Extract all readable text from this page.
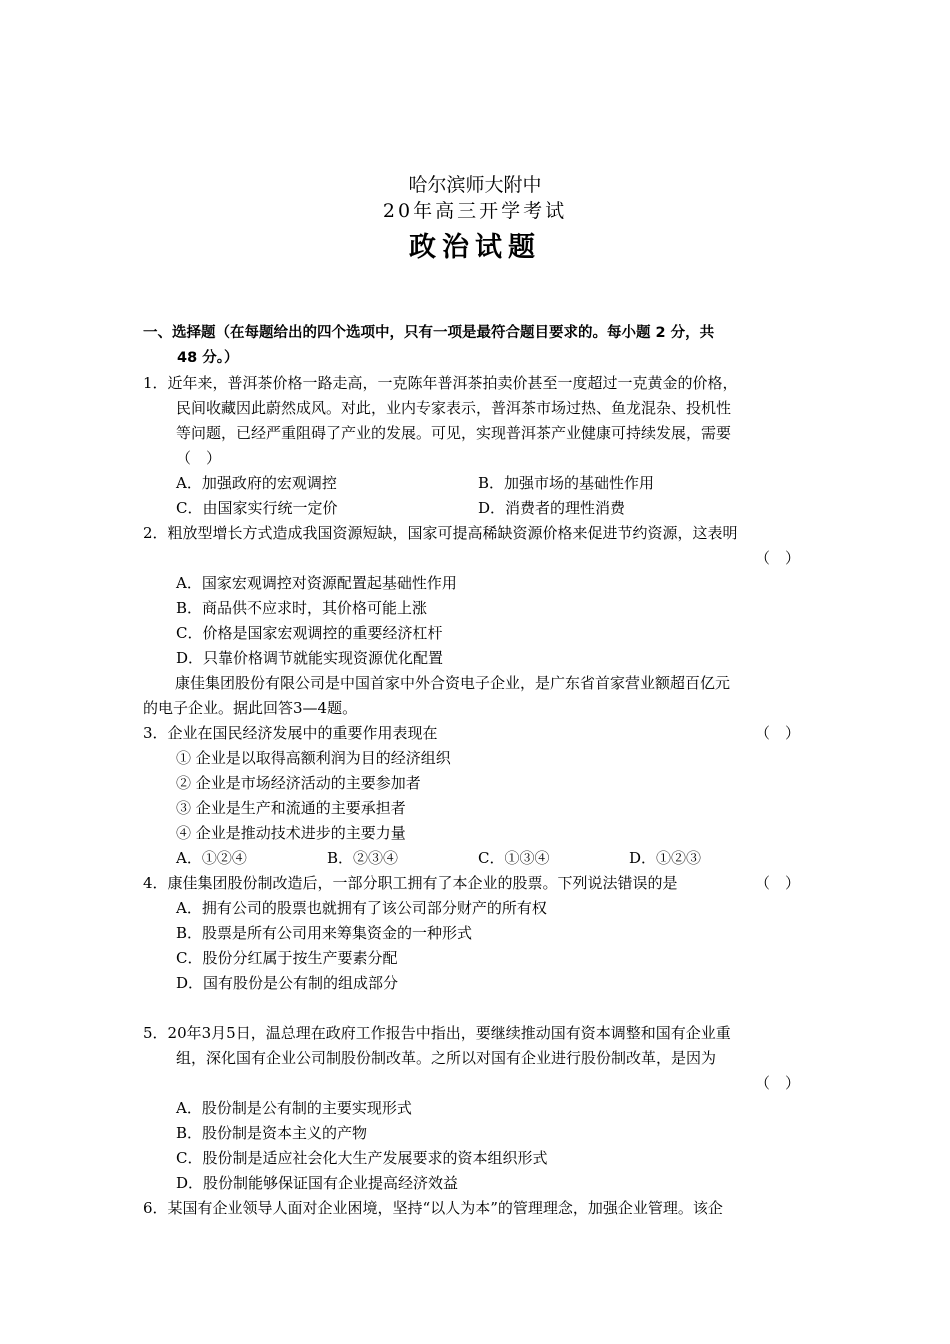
哈尔滨师大附中
20年高三开学考试
政治试题
一、选择题（在每题给出的四个选项中，只有一项是最符合题目要求的。每小题 2 分，共
48 分。）
1．近年来，普洱茶价格一路走高，一克陈年普洱茶拍卖价甚至一度超过一克黄金的价格，
民间收藏因此蔚然成风。对此，业内专家表示，普洱茶市场过热、鱼龙混杂、投机性
等问题，已经严重阻碍了产业的发展。可见，实现普洱茶产业健康可持续发展，需要
（　）
A．加强政府的宏观调控	B．加强市场的基础性作用
C．由国家实行统一定价	D．消费者的理性消费
2．粗放型增长方式造成我国资源短缺，国家可提高稀缺资源价格来促进节约资源，这表明
（　）
A．国家宏观调控对资源配置起基础性作用
B．商品供不应求时，其价格可能上涨
C．价格是国家宏观调控的重要经济杠杆
D．只靠价格调节就能实现资源优化配置
康佳集团股份有限公司是中国首家中外合资电子企业，是广东省首家营业额超百亿元
的电子企业。据此回答3—4题。
3．企业在国民经济发展中的重要作用表现在	（　）
① 企业是以取得高额利润为目的经济组织
② 企业是市场经济活动的主要参加者
③ 企业是生产和流通的主要承担者
④ 企业是推动技术进步的主要力量
A．①②④	B．②③④	C．①③④	D．①②③
4．康佳集团股份制改造后，一部分职工拥有了本企业的股票。下列说法错误的是	（　）
A．拥有公司的股票也就拥有了该公司部分财产的所有权
B．股票是所有公司用来筹集资金的一种形式
C．股份分红属于按生产要素分配
D．国有股份是公有制的组成部分
5．20年3月5日，温总理在政府工作报告中指出，要继续推动国有资本调整和国有企业重
组，深化国有企业公司制股份制改革。之所以对国有企业进行股份制改革，是因为
（　）
A．股份制是公有制的主要实现形式
B．股份制是资本主义的产物
C．股份制是适应社会化大生产发展要求的资本组织形式
D．股份制能够保证国有企业提高经济效益
6．某国有企业领导人面对企业困境，坚持“以人为本”的管理理念，加强企业管理。该企
